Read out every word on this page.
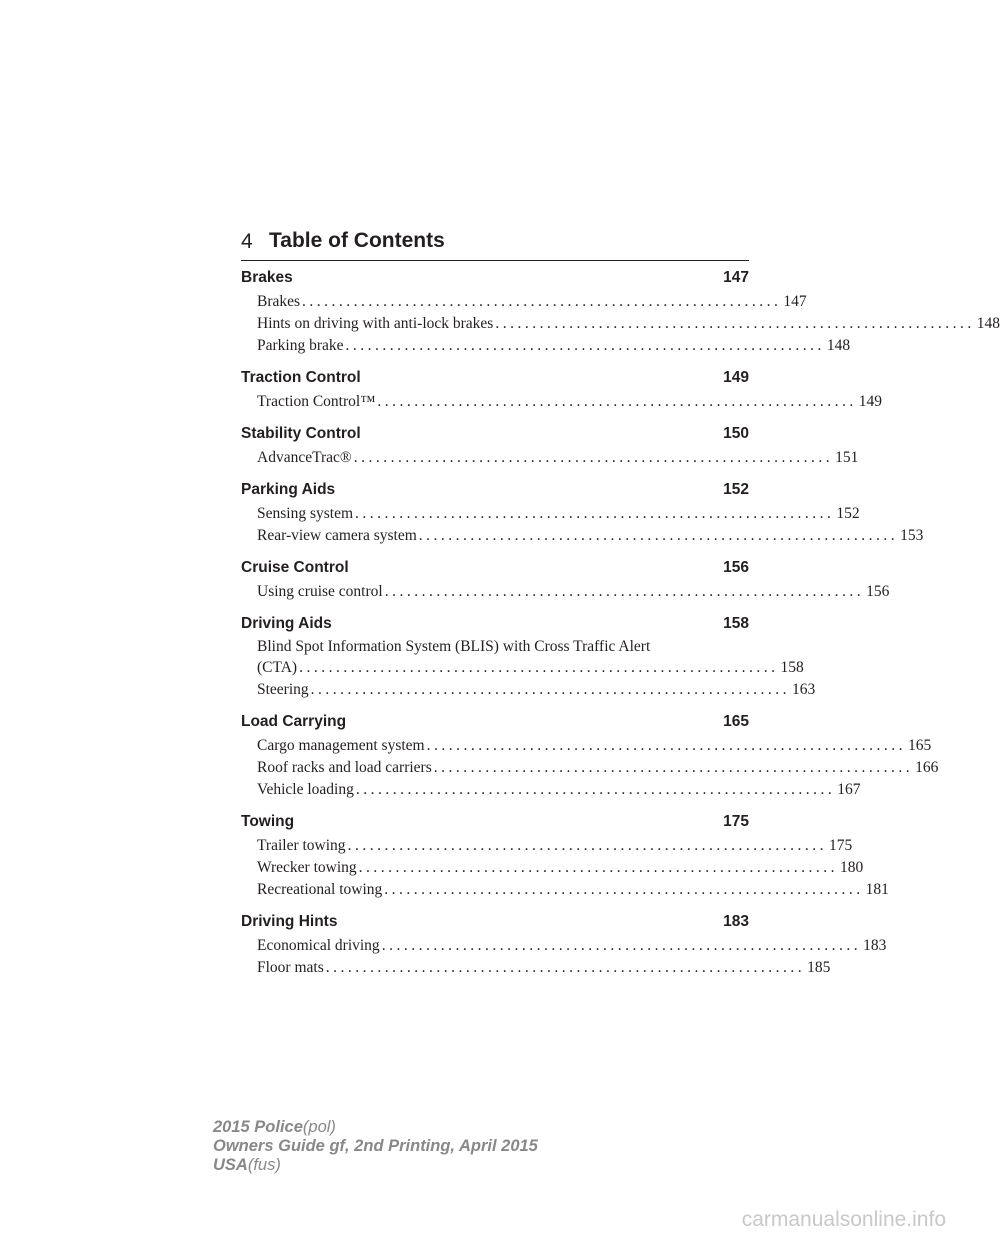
4 Table of Contents
Brakes	147
Brakes ................................................................. 147
Hints on driving with anti-lock brakes ................................................................. 148
Parking brake ................................................................. 148
Traction Control	149
Traction Control™ ................................................................. 149
Stability Control	150
AdvanceTrac® ................................................................. 151
Parking Aids	152
Sensing system ................................................................. 152
Rear-view camera system ................................................................. 153
Cruise Control	156
Using cruise control ................................................................. 156
Driving Aids	158
Blind Spot Information System (BLIS) with Cross Traffic Alert
(CTA) ................................................................. 158
Steering ................................................................. 163
Load Carrying	165
Cargo management system ................................................................. 165
Roof racks and load carriers ................................................................. 166
Vehicle loading ................................................................. 167
Towing	175
Trailer towing ................................................................. 175
Wrecker towing ................................................................. 180
Recreational towing ................................................................. 181
Driving Hints	183
Economical driving ................................................................. 183
Floor mats ................................................................. 185
2015 Police(pol)
Owners Guide gf, 2nd Printing, April 2015
USA(fus)
carmanualsonline.info
